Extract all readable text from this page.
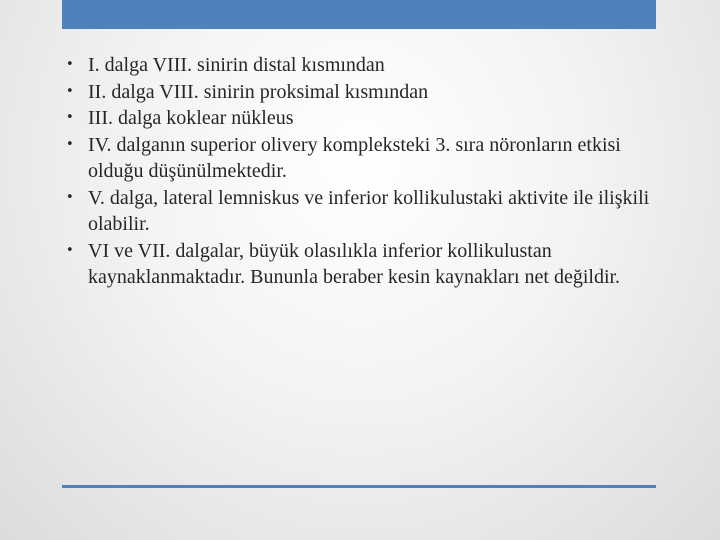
• I. dalga VIII. sinirin distal kısmından
• II. dalga VIII. sinirin proksimal kısmından
• III. dalga koklear nükleus
• IV. dalganın superior olivery kompleksteki 3. sıra nöronların etkisi olduğu düşünülmektedir.
• V. dalga, lateral lemniskus ve inferior kollikulustaki aktivite ile ilişkili olabilir.
• VI ve VII. dalgalar, büyük olasılıkla inferior kollikulustan kaynaklanmaktadır. Bununla beraber kesin kaynakları net değildir.
